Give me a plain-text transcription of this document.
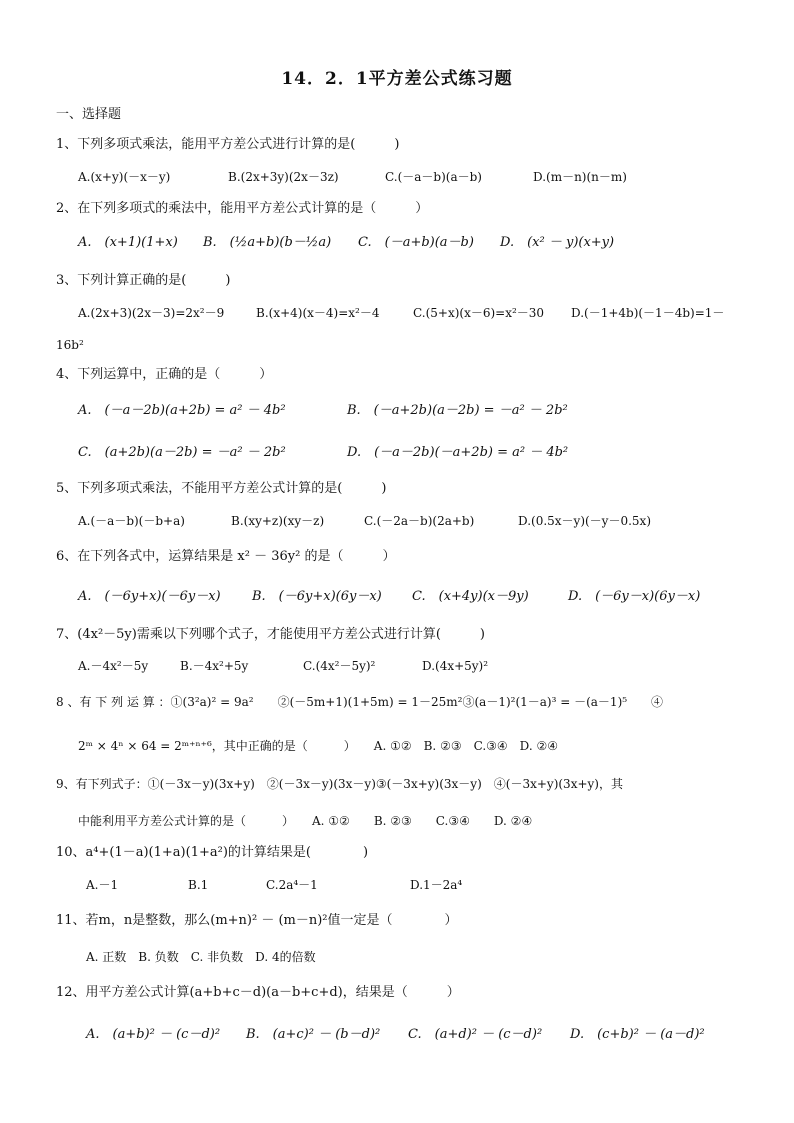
14．2．1平方差公式练习题
一、选择题
1、下列多项式乘法，能用平方差公式进行计算的是(　　　)
A.(x+y)(－x－y)	B.(2x+3y)(2x－3z)	C.(－a－b)(a－b)	D.(m－n)(n－m)
2、在下列多项式的乘法中，能用平方差公式计算的是（　　　）
A.　(x+1)(1+x) B.　(½a+b)(b－½a) C.　(－a+b)(a－b) D.　(x² － y)(x+y)
3、下列计算正确的是(　　　)
A.(2x+3)(2x－3)=2x²－9	B.(x+4)(x－4)=x²－4	C.(5+x)(x－6)=x²－30 D.(－1+4b)(－1－4b)=1－
16b²
4、下列运算中，正确的是（　　　）
A.　(－a－2b)(a+2b) = a² － 4b²	B.　(－a+2b)(a－2b) = －a² － 2b²
C.　(a+2b)(a－2b) = －a² － 2b²	D.　(－a－2b)(－a+2b) = a² － 4b²
5、下列多项式乘法，不能用平方差公式计算的是(　　　)
A.(－a－b)(－b+a)	B.(xy+z)(xy－z)	C.(－2a－b)(2a+b)	D.(0.5x－y)(－y－0.5x)
6、在下列各式中，运算结果是 x² － 36y² 的是（　　　）
A.　(－6y+x)(－6y－x) B.　(－6y+x)(6y－x) C.　(x+4y)(x－9y)	D.　(－6y－x)(6y－x)
7、(4x²－5y)需乘以下列哪个式子，才能使用平方差公式进行计算(　　　)
A.－4x²－5y	B.－4x²+5y	C.(4x²－5y)²	D.(4x+5y)²
8 、有 下 列 运 算 ：①(3²a)² = 9a²　　②(－5m+1)(1+5m) = 1－25m²③(a－1)²(1－a)³ = －(a－1)⁵　　④
2ᵐ × 4ⁿ × 64 = 2ᵐ⁺ⁿ⁺⁶，其中正确的是（　　　）　　A. ①②　B. ②③　C.③④　D. ②④
9、有下列式子：①(－3x－y)(3x+y)　②(－3x－y)(3x－y)③(－3x+y)(3x－y)　④(－3x+y)(3x+y)，其
中能利用平方差公式计算的是（　　　）　　A. ①②　　B. ②③　　C.③④　　D. ②④
10、a⁴+(1－a)(1+a)(1+a²)的计算结果是(　　　　)
A.－1	B.1	C.2a⁴－1	D.1－2a⁴
11、若m，n是整数，那么(m+n)² － (m－n)²值一定是（　　　　）
A. 正数　B. 负数　C. 非负数　D. 4的倍数
12、用平方差公式计算(a+b+c－d)(a－b+c+d)，结果是（　　　）
A.　(a+b)² － (c－d)² B.　(a+c)² － (b－d)² C.　(a+d)² － (c－d)² D.　(c+b)² － (a－d)²
